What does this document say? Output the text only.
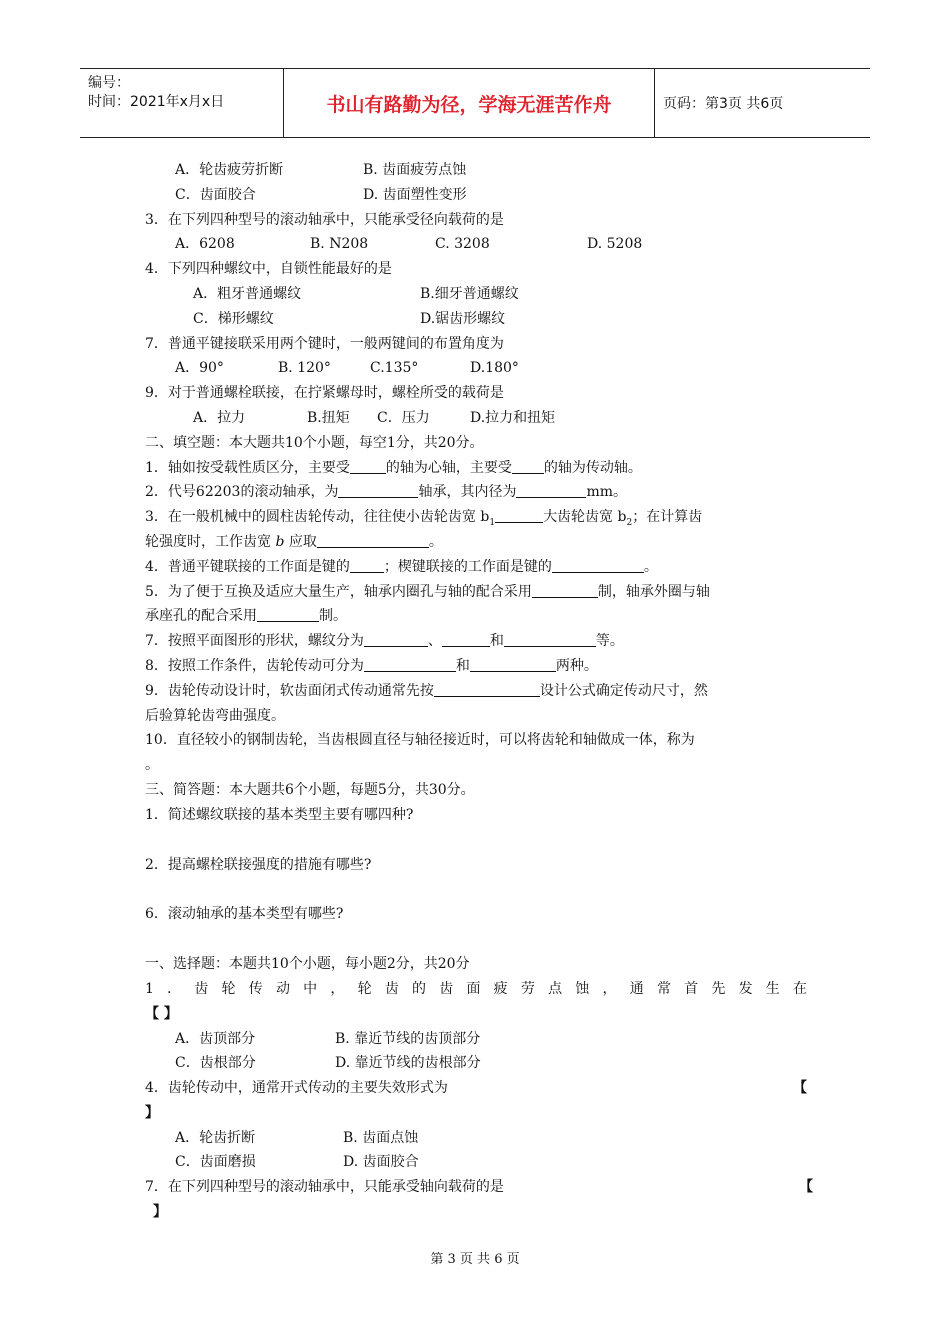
编号：
时间：2021年x月x日	书山有路勤为径，学海无涯苦作舟	页码：第3页 共6页
A．轮齿疲劳折断	B. 齿面疲劳点蚀
C．齿面胶合	D. 齿面塑性变形
3．在下列四种型号的滚动轴承中，只能承受径向载荷的是
A．6208	B. N208	C. 3208	D. 5208
4．下列四种螺纹中，自锁性能最好的是
A．粗牙普通螺纹	B.细牙普通螺纹
C．梯形螺纹	D.锯齿形螺纹
7．普通平键接联采用两个键时，一般两键间的布置角度为
A．90°	B. 120°	C.135°	D.180°
9．对于普通螺栓联接，在拧紧螺母时，螺栓所受的载荷是
A．拉力	B.扭矩 C．压力	D.拉力和扭矩
二、填空题：本大题共10个小题，每空1分，共20分。
1．轴如按受载性质区分，主要受	的轴为心轴，主要受 的轴为传动轴。
2．代号62203的滚动轴承，为	轴承，其内径为	mm。
3．在一般机械中的圆柱齿轮传动，往往使小齿轮齿宽 $b_1$	大齿轮齿宽 $b_2$；在计算齿
轮强度时，工作齿宽 b 应取	。
4．普通平键联接的工作面是键的 ；楔键联接的工作面是键的	。
5．为了便于互换及适应大量生产，轴承内圈孔与轴的配合采用	制，轴承外圈与轴
承座孔的配合采用	制。
7．按照平面图形的形状，螺纹分为	、	和	等。
8．按照工作条件，齿轮传动可分为	和	两种。
9．齿轮传动设计时，软齿面闭式传动通常先按	设计公式确定传动尺寸，然
后验算轮齿弯曲强度。
10．直径较小的钢制齿轮，当齿根圆直径与轴径接近时，可以将齿轮和轴做成一体，称为
。
三、简答题：本大题共6个小题，每题5分，共30分。
1．简述螺纹联接的基本类型主要有哪四种?
2．提高螺栓联接强度的措施有哪些?
6．滚动轴承的基本类型有哪些?
一、选择题：本题共10个小题，每小题2分，共20分
1．齿轮传动中，轮齿的齿面疲劳点蚀，通常首先发生在
【 】
A．齿顶部分	B. 靠近节线的齿顶部分
C．齿根部分	D. 靠近节线的齿根部分
4．齿轮传动中，通常开式传动的主要失效形式为	【
】
A．轮齿折断	B. 齿面点蚀
C．齿面磨损	D. 齿面胶合
7．在下列四种型号的滚动轴承中，只能承受轴向载荷的是	【
】
第 3 页 共 6 页
